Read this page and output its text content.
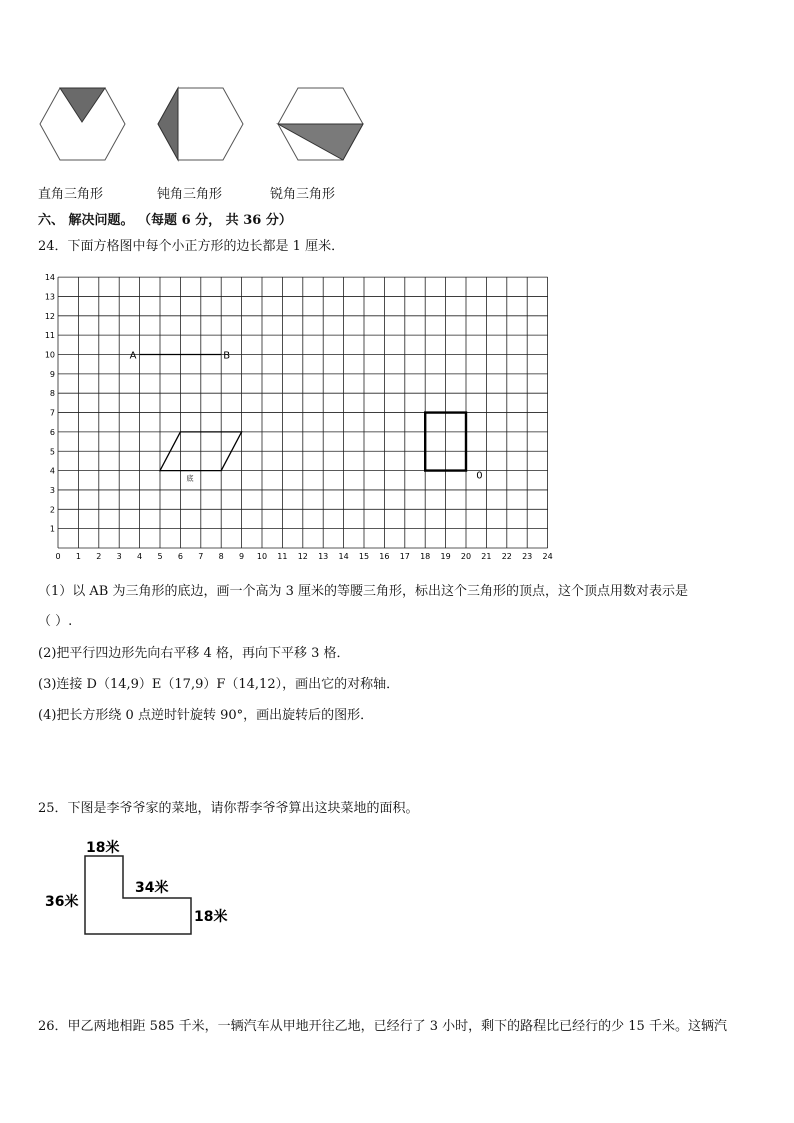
直角三角形	钝角三角形	锐角三角形
六、 解决问题。 （每题 6 分， 共 36 分）
24．下面方格图中每个小正方形的边长都是 1 厘米．
0 1 2 3 4 5 6 7 8 9 10 11 12 13 14 15 16 17 18 19 20 21 22 23 24
1
2
3
4
5
6
7
8
9
10
11
12
13
14
A	B
底	0
（1）以 AB 为三角形的底边，画一个高为 3 厘米的等腰三角形，标出这个三角形的顶点，这个顶点用数对表示是
（ ）.
(2)把平行四边形先向右平移 4 格，再向下平移 3 格．
(3)连接 D（14,9）E（17,9）F（14,12），画出它的对称轴．
(4)把长方形绕 0 点逆时针旋转 90°，画出旋转后的图形．
25．下图是李爷爷家的菜地，请你帮李爷爷算出这块菜地的面积。
18米
36米
34米
18米
26．甲乙两地相距 585 千米，一辆汽车从甲地开往乙地，已经行了 3 小时，剩下的路程比已经行的少 15 千米。这辆汽
